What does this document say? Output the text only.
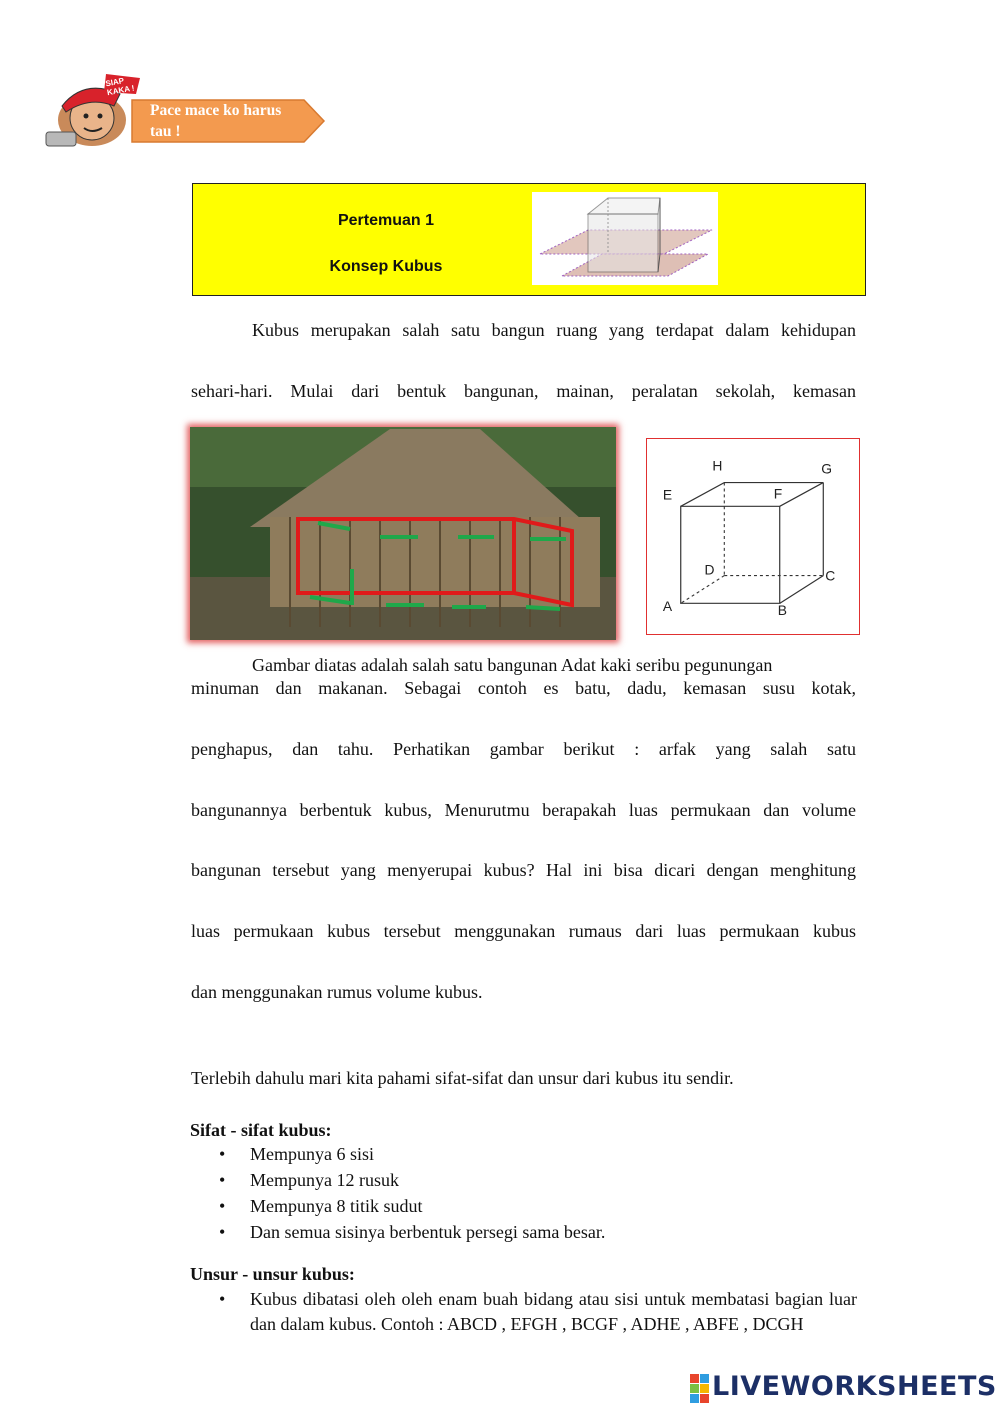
SIAP KAKA !
Pace mace ko harus tau !
Pertemuan 1
Konsep Kubus
Kubus merupakan salah satu bangun ruang yang terdapat dalam kehidupan
sehari-hari. Mulai dari bentuk bangunan, mainan, peralatan sekolah, kemasan
A	B
C
D
E	F
G
H
Gambar diatas adalah salah satu bangunan Adat kaki seribu pegunungan
minuman dan makanan. Sebagai contoh es batu, dadu, kemasan susu kotak,
penghapus, dan tahu. Perhatikan gambar berikut : arfak yang salah satu
bangunannya berbentuk kubus, Menurutmu berapakah luas permukaan dan volume
bangunan tersebut yang menyerupai kubus? Hal ini bisa dicari dengan menghitung
luas permukaan kubus tersebut menggunakan rumaus dari luas permukaan kubus
dan menggunakan rumus volume kubus.
Terlebih dahulu mari kita pahami sifat-sifat dan unsur dari kubus itu sendir.
Sifat - sifat kubus:
• Mempunya 6 sisi
• Mempunya 12 rusuk
• Mempunya 8 titik sudut
• Dan semua sisinya berbentuk persegi sama besar.
Unsur - unsur kubus:
• Kubus dibatasi oleh oleh enam buah bidang atau sisi untuk membatasi bagian luar dan dalam kubus. Contoh : ABCD , EFGH , BCGF , ADHE , ABFE , DCGH
LIVEWORKSHEETS
